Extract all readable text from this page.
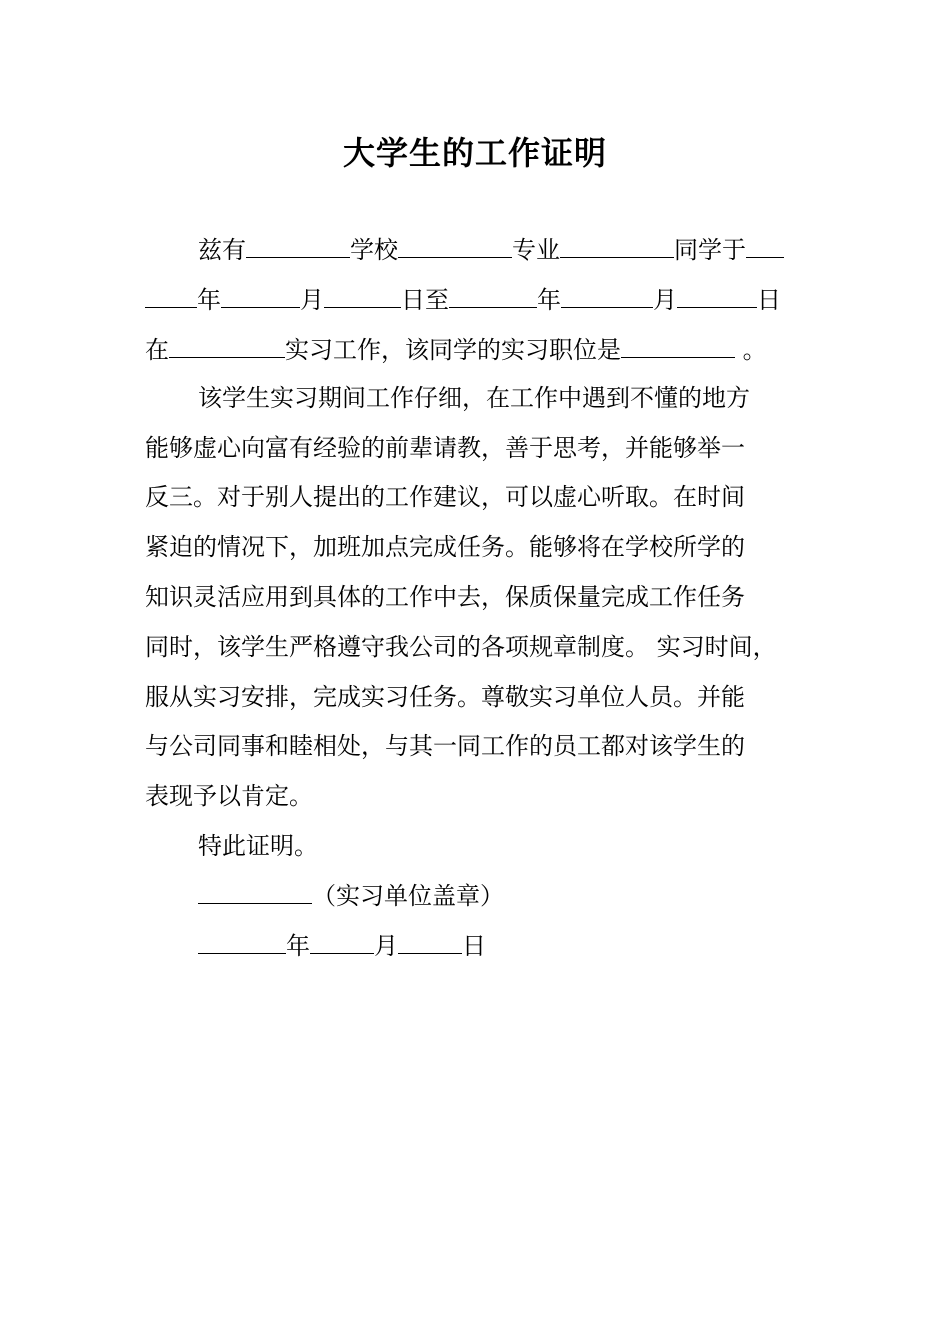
大学生的工作证明
兹有	学校	专业	同学于
年	月	日至	年	月	日
在	实习工作，该同学的实习职位是	。
该学生实习期间工作仔细，在工作中遇到不懂的地方
能够虚心向富有经验的前辈请教，善于思考，并能够举一
反三。对于别人提出的工作建议，可以虚心听取。在时间
紧迫的情况下，加班加点完成任务。能够将在学校所学的
知识灵活应用到具体的工作中去，保质保量完成工作任务
同时，该学生严格遵守我公司的各项规章制度。 实习时间，
服从实习安排，完成实习任务。尊敬实习单位人员。并能
与公司同事和睦相处，与其一同工作的员工都对该学生的
表现予以肯定。
特此证明。
（实习单位盖章）
年	月	日
